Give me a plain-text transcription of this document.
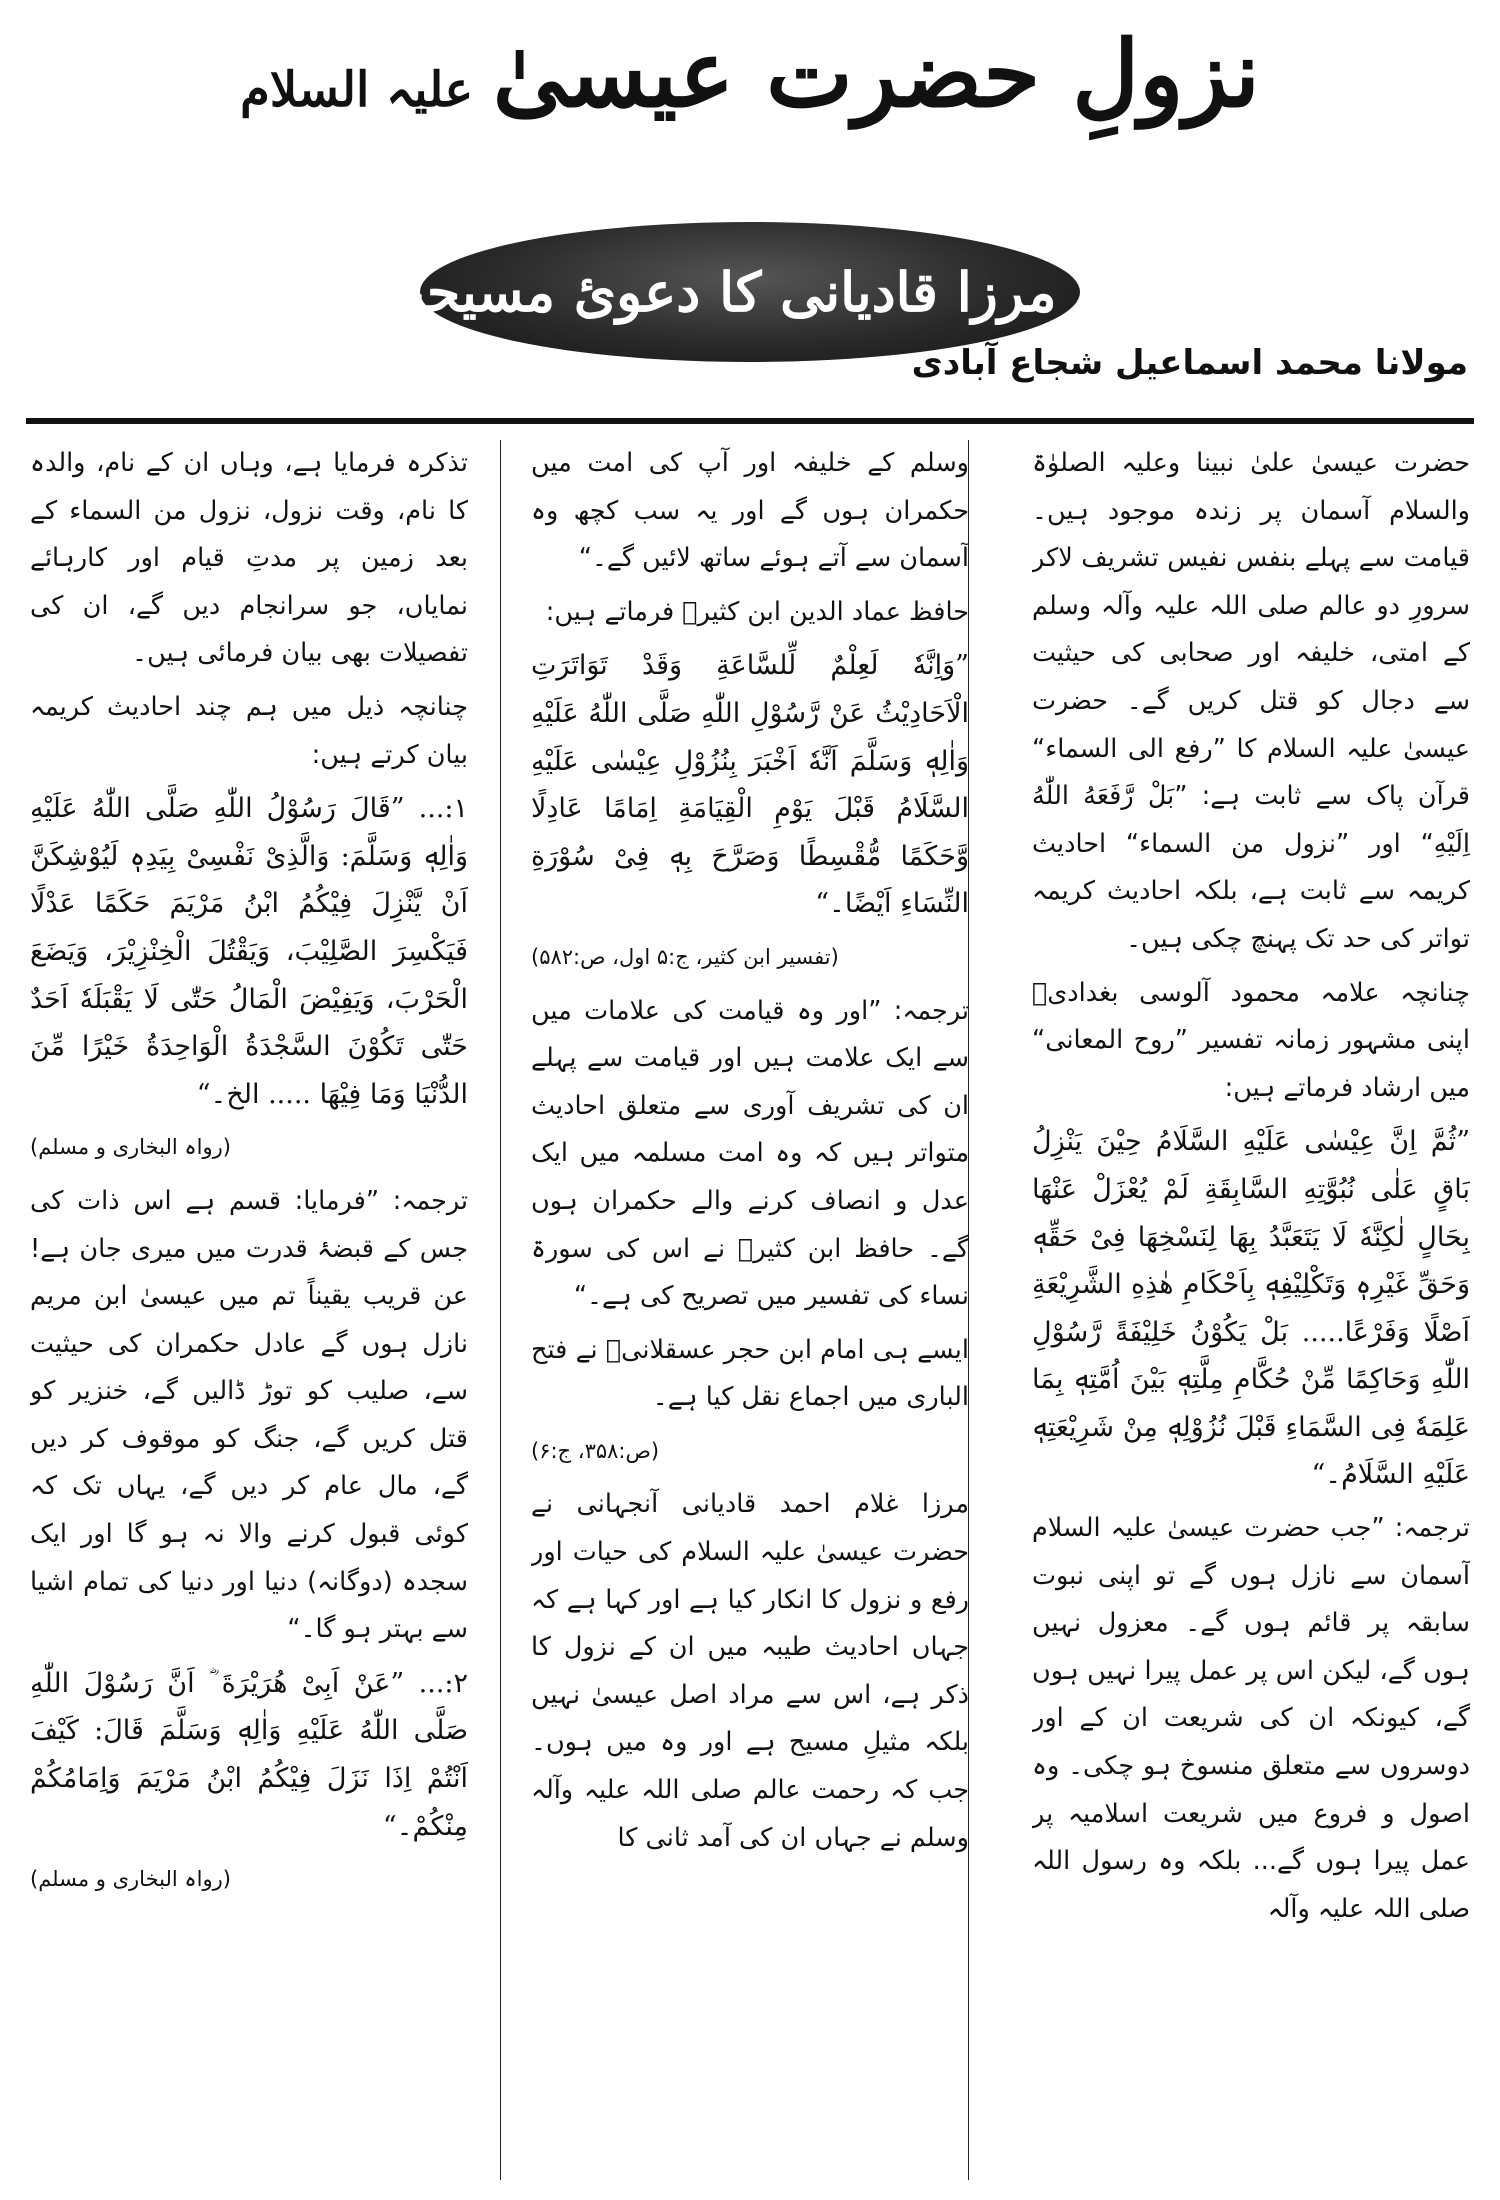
نزولِ حضرت عیسیٰ علیہ السلام
اور مرزا قادیانی کا دعویٔ مسیحیت
مولانا محمد اسماعیل شجاع آبادی

حضرت عیسیٰ علیٰ نبینا وعلیہ الصلوٰۃ والسلام آسمان پر زندہ موجود ہیں۔ قیامت سے پہلے بنفس نفیس تشریف لاکر سرورِ دو عالم صلی اللہ علیہ وآلہ وسلم کے امتی، خلیفہ اور صحابی کی حیثیت سے دجال کو قتل کریں گے۔ حضرت عیسیٰ علیہ السلام کا ”رفع الی السماء“ قرآن پاک سے ثابت ہے: ”بَلْ رَّفَعَهُ اللّٰهُ اِلَيْهِ“ اور ”نزول من السماء“ احادیث کریمہ سے ثابت ہے، بلکہ احادیث کریمہ تواتر کی حد تک پہنچ چکی ہیں۔

چنانچہ علامہ محمود آلوسی بغدادیؒ اپنی مشہور زمانہ تفسیر ”روح المعانی“ میں ارشاد فرماتے ہیں:

”ثُمَّ اِنَّ عِیْسٰی عَلَیْهِ السَّلَامُ حِیْنَ یَنْزِلُ بَاقٍ عَلٰی نُبُوَّتِهِ السَّابِقَةِ لَمْ یُعْزَلْ عَنْهَا بِحَالٍ لٰکِنَّهٗ لَا یَتَعَبَّدُ بِهَا لِنَسْخِهَا فِیْ حَقِّهٖ وَحَقِّ غَیْرِهٖ وَتَکْلِیْفِهٖ بِاَحْکَامِ هٰذِهِ الشَّرِیْعَةِ اَصْلًا وَفَرْعًا..... بَلْ یَکُوْنُ خَلِیْفَةً رَّسُوْلِ اللّٰهِ وَحَاکِمًا مِّنْ حُکَّامِ مِلَّتِهٖ بَیْنَ اُمَّتِهٖ بِمَا عَلِمَهٗ فِی السَّمَاءِ قَبْلَ نُزُوْلِهٖ مِنْ شَرِیْعَتِهٖ عَلَیْهِ السَّلَامُ۔“

ترجمہ: ”جب حضرت عیسیٰ علیہ السلام آسمان سے نازل ہوں گے تو اپنی نبوت سابقہ پر قائم ہوں گے۔ معزول نہیں ہوں گے، لیکن اس پر عمل پیرا نہیں ہوں گے، کیونکہ ان کی شریعت ان کے اور دوسروں سے متعلق منسوخ ہو چکی۔ وہ اصول و فروع میں شریعت اسلامیہ پر عمل پیرا ہوں گے... بلکہ وہ رسول اللہ صلی اللہ علیہ وآلہ

وسلم کے خلیفہ اور آپ کی امت میں حکمران ہوں گے اور یہ سب کچھ وہ آسمان سے آتے ہوئے ساتھ لائیں گے۔“

حافظ عماد الدین ابن کثیرؒ فرماتے ہیں:

”وَاِنَّهٗ لَعِلْمٌ لِّلسَّاعَةِ وَقَدْ تَوَاتَرَتِ الْاَحَادِیْثُ عَنْ رَّسُوْلِ اللّٰهِ صَلَّی اللّٰهُ عَلَیْهِ وَاٰلِهٖ وَسَلَّمَ اَنَّهٗ اَخْبَرَ بِنُزُوْلِ عِیْسٰی عَلَیْهِ السَّلَامُ قَبْلَ یَوْمِ الْقِیَامَةِ اِمَامًا عَادِلًا وَّحَکَمًا مُّقْسِطًا وَصَرَّحَ بِهٖ فِیْ سُوْرَةِ النِّسَاءِ اَیْضًا۔“

(تفسیر ابن کثیر، ج:۵ اول، ص:۵۸۲)

ترجمہ: ”اور وہ قیامت کی علامات میں سے ایک علامت ہیں اور قیامت سے پہلے ان کی تشریف آوری سے متعلق احادیث متواتر ہیں کہ وہ امت مسلمہ میں ایک عدل و انصاف کرنے والے حکمران ہوں گے۔ حافظ ابن کثیرؒ نے اس کی سورۃ نساء کی تفسیر میں تصریح کی ہے۔“

ایسے ہی امام ابن حجر عسقلانیؒ نے فتح الباری میں اجماع نقل کیا ہے۔

(ص:۳۵۸، ج:۶)

مرزا غلام احمد قادیانی آنجہانی نے حضرت عیسیٰ علیہ السلام کی حیات اور رفع و نزول کا انکار کیا ہے اور کہا ہے کہ جہاں احادیث طیبہ میں ان کے نزول کا ذکر ہے، اس سے مراد اصل عیسیٰ نہیں بلکہ مثیلِ مسیح ہے اور وہ میں ہوں۔ جب کہ رحمت عالم صلی اللہ علیہ وآلہ وسلم نے جہاں ان کی آمد ثانی کا

تذکرہ فرمایا ہے، وہاں ان کے نام، والدہ کا نام، وقت نزول، نزول من السماء کے بعد زمین پر مدتِ قیام اور کارہائے نمایاں، جو سرانجام دیں گے، ان کی تفصیلات بھی بیان فرمائی ہیں۔

چنانچہ ذیل میں ہم چند احادیث کریمہ بیان کرتے ہیں:

۱:... ”قَالَ رَسُوْلُ اللّٰهِ صَلَّی اللّٰهُ عَلَیْهِ وَاٰلِهٖ وَسَلَّمَ: وَالَّذِیْ نَفْسِیْ بِیَدِهٖ لَیُوْشِکَنَّ اَنْ یَّنْزِلَ فِیْکُمُ ابْنُ مَرْیَمَ حَکَمًا عَدْلًا فَیَکْسِرَ الصَّلِیْبَ، وَیَقْتُلَ الْخِنْزِیْرَ، وَیَضَعَ الْحَرْبَ، وَیَفِیْضَ الْمَالُ حَتّٰی لَا یَقْبَلَهٗ اَحَدٌ حَتّٰی تَکُوْنَ السَّجْدَةُ الْوَاحِدَةُ خَیْرًا مِّنَ الدُّنْیَا وَمَا فِیْهَا ..... الخ۔“

(رواہ البخاری و مسلم)

ترجمہ: ”فرمایا: قسم ہے اس ذات کی جس کے قبضۂ قدرت میں میری جان ہے! عن قریب یقیناً تم میں عیسیٰ ابن مریم نازل ہوں گے عادل حکمران کی حیثیت سے، صلیب کو توڑ ڈالیں گے، خنزیر کو قتل کریں گے، جنگ کو موقوف کر دیں گے، مال عام کر دیں گے، یہاں تک کہ کوئی قبول کرنے والا نہ ہو گا اور ایک سجدہ (دوگانہ) دنیا اور دنیا کی تمام اشیا سے بہتر ہو گا۔“

۲:... ”عَنْ اَبِیْ هُرَیْرَةَ ؓ اَنَّ رَسُوْلَ اللّٰهِ صَلَّی اللّٰهُ عَلَیْهِ وَاٰلِهٖ وَسَلَّمَ قَالَ: کَیْفَ اَنْتُمْ اِذَا نَزَلَ فِیْکُمُ ابْنُ مَرْیَمَ وَاِمَامُکُمْ مِنْکُمْ۔“

(رواہ البخاری و مسلم)
